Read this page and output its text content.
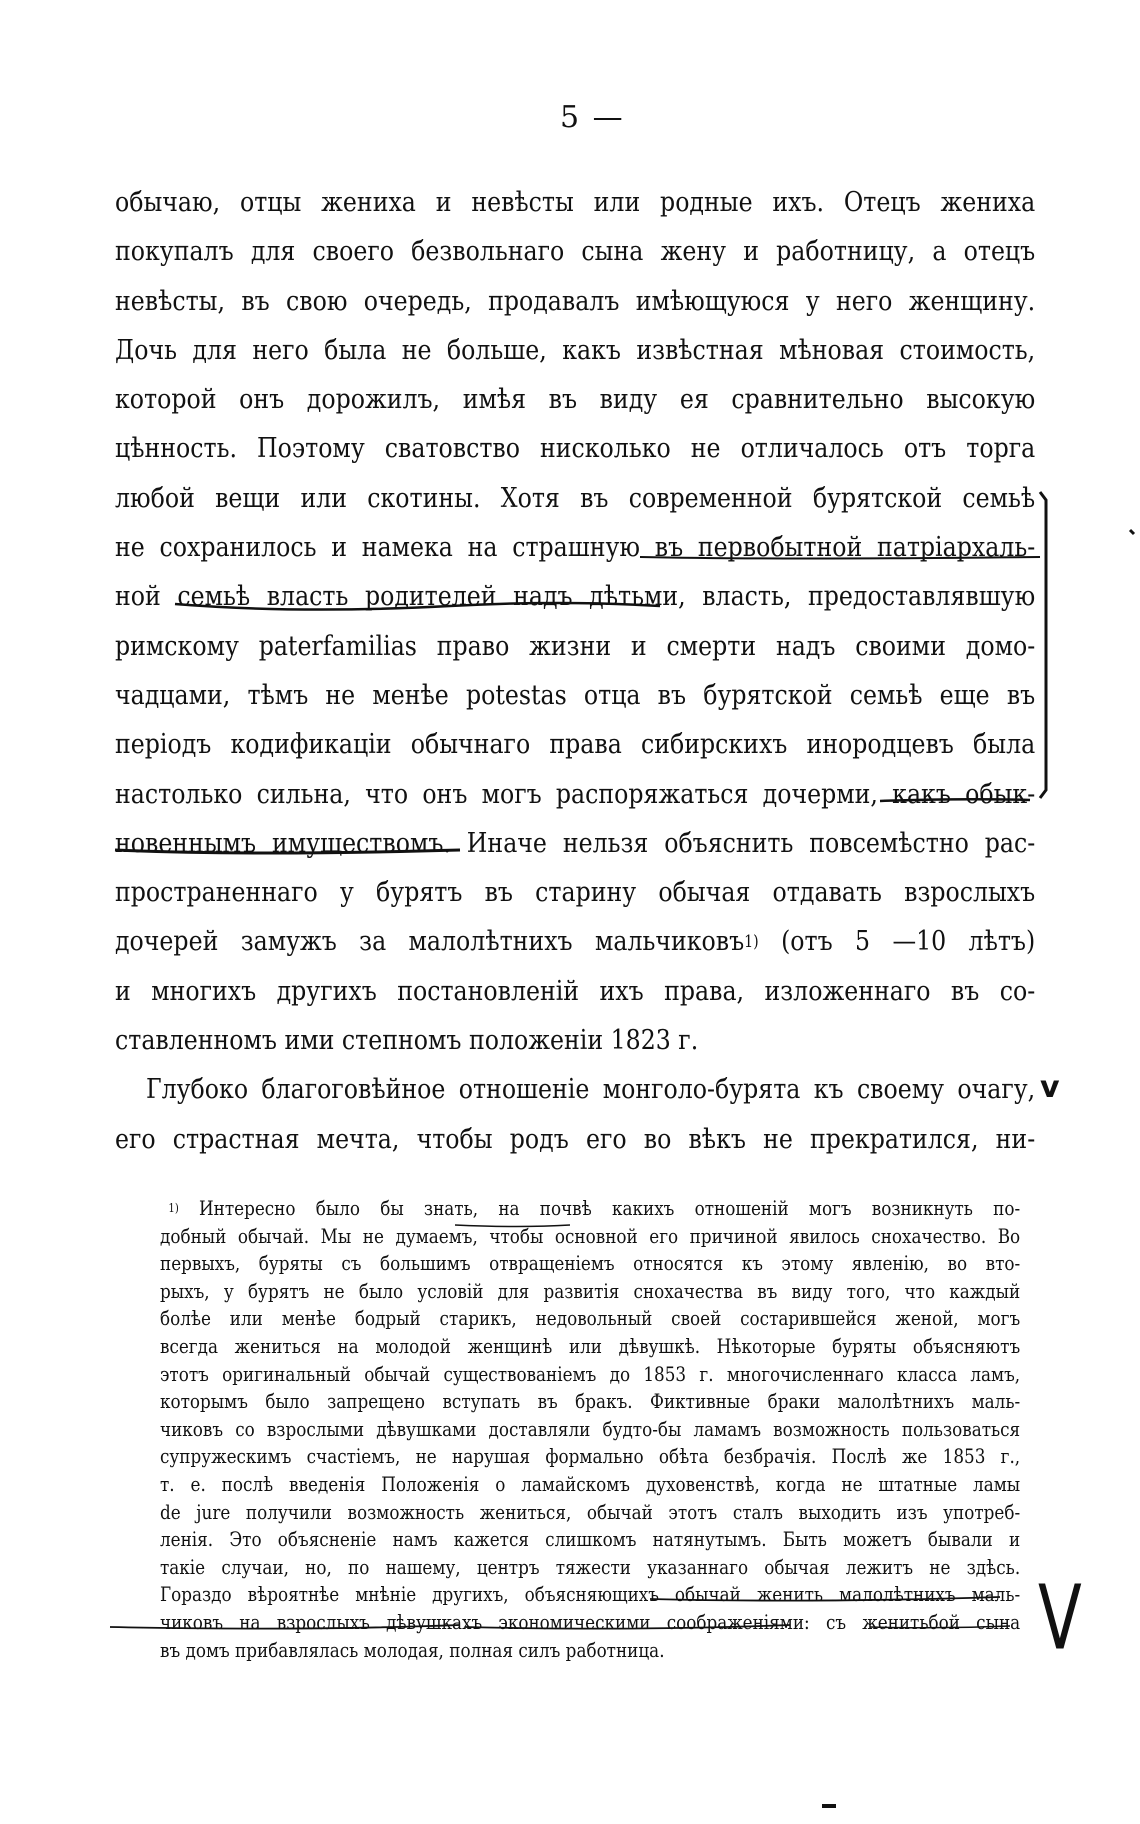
5 —
обычаю, отцы жениха и невѣсты или родные ихъ. Отецъ жениха
покупалъ для своего безвольнаго сына жену и работницу, а отецъ
невѣсты, въ свою очередь, продавалъ имѣющуюся у него женщину.
Дочь для него была не больше, какъ извѣстная мѣновая стоимость,
которой онъ дорожилъ, имѣя въ виду ея сравнительно высокую
цѣнность. Поэтому сватовство нисколько не отличалось отъ торга
любой вещи или скотины. Хотя въ современной бурятской семьѣ
не сохранилось и намека на страшную въ первобытной патріархаль-
ной семьѣ власть родителей надъ дѣтьми, власть, предоставлявшую
римскому paterfamilias право жизни и смерти надъ своими домо-
чадцами, тѣмъ не менѣе potestas отца въ бурятской семьѣ еще въ
періодъ кодификаціи обычнаго права сибирскихъ инородцевъ была
настолько сильна, что онъ могъ распоряжаться дочерми, какъ обык-
новеннымъ имуществомъ. Иначе нельзя объяснить повсемѣстно рас-
пространеннаго у бурятъ въ старину обычая отдавать взрослыхъ
дочерей замужъ за малолѣтнихъ мальчиковъ$^{1)}$ (отъ 5 —10 лѣтъ)
и многихъ другихъ постановленій ихъ права, изложеннаго въ со-
ставленномъ ими степномъ положеніи 1823 г.
Глубоко благоговѣйное отношеніе монголо-бурята къ своему очагу,
его страстная мечта, чтобы родъ его во вѣкъ не прекратился, ни-
$^{1)}$ Интересно было бы знать, на почвѣ какихъ отношеній могъ возникнуть по-
добный обычай. Мы не думаемъ, чтобы основной его причиной явилось снохачество. Во
первыхъ, буряты съ большимъ отвращеніемъ относятся къ этому явленію, во вто-
рыхъ, у бурятъ не было условій для развитія снохачества въ виду того, что каждый
болѣе или менѣе бодрый старикъ, недовольный своей состарившейся женой, могъ
всегда жениться на молодой женщинѣ или дѣвушкѣ. Нѣкоторые буряты объясняютъ
этотъ оригинальный обычай существованіемъ до 1853 г. многочисленнаго класса ламъ,
которымъ было запрещено вступать въ бракъ. Фиктивные браки малолѣтнихъ маль-
чиковъ со взрослыми дѣвушками доставляли будто-бы ламамъ возможность пользоваться
супружескимъ счастіемъ, не нарушая формально обѣта безбрачія. Послѣ же 1853 г.,
т. е. послѣ введенія Положенія о ламайскомъ духовенствѣ, когда не штатные ламы
de jure получили возможность жениться, обычай этотъ сталъ выходить изъ употреб-
ленія. Это объясненіе намъ кажется слишкомъ натянутымъ. Быть можетъ бывали и
такіе случаи, но, по нашему, центръ тяжести указаннаго обычая лежитъ не здѣсь.
Гораздо вѣроятнѣе мнѣніе другихъ, объясняющихъ обычай женить малолѣтнихъ маль-
чиковъ на взрослыхъ дѣвушкахъ экономическими соображеніями: съ женитьбой сына
въ домъ прибавлялась молодая, полная силъ работница.
v
V
